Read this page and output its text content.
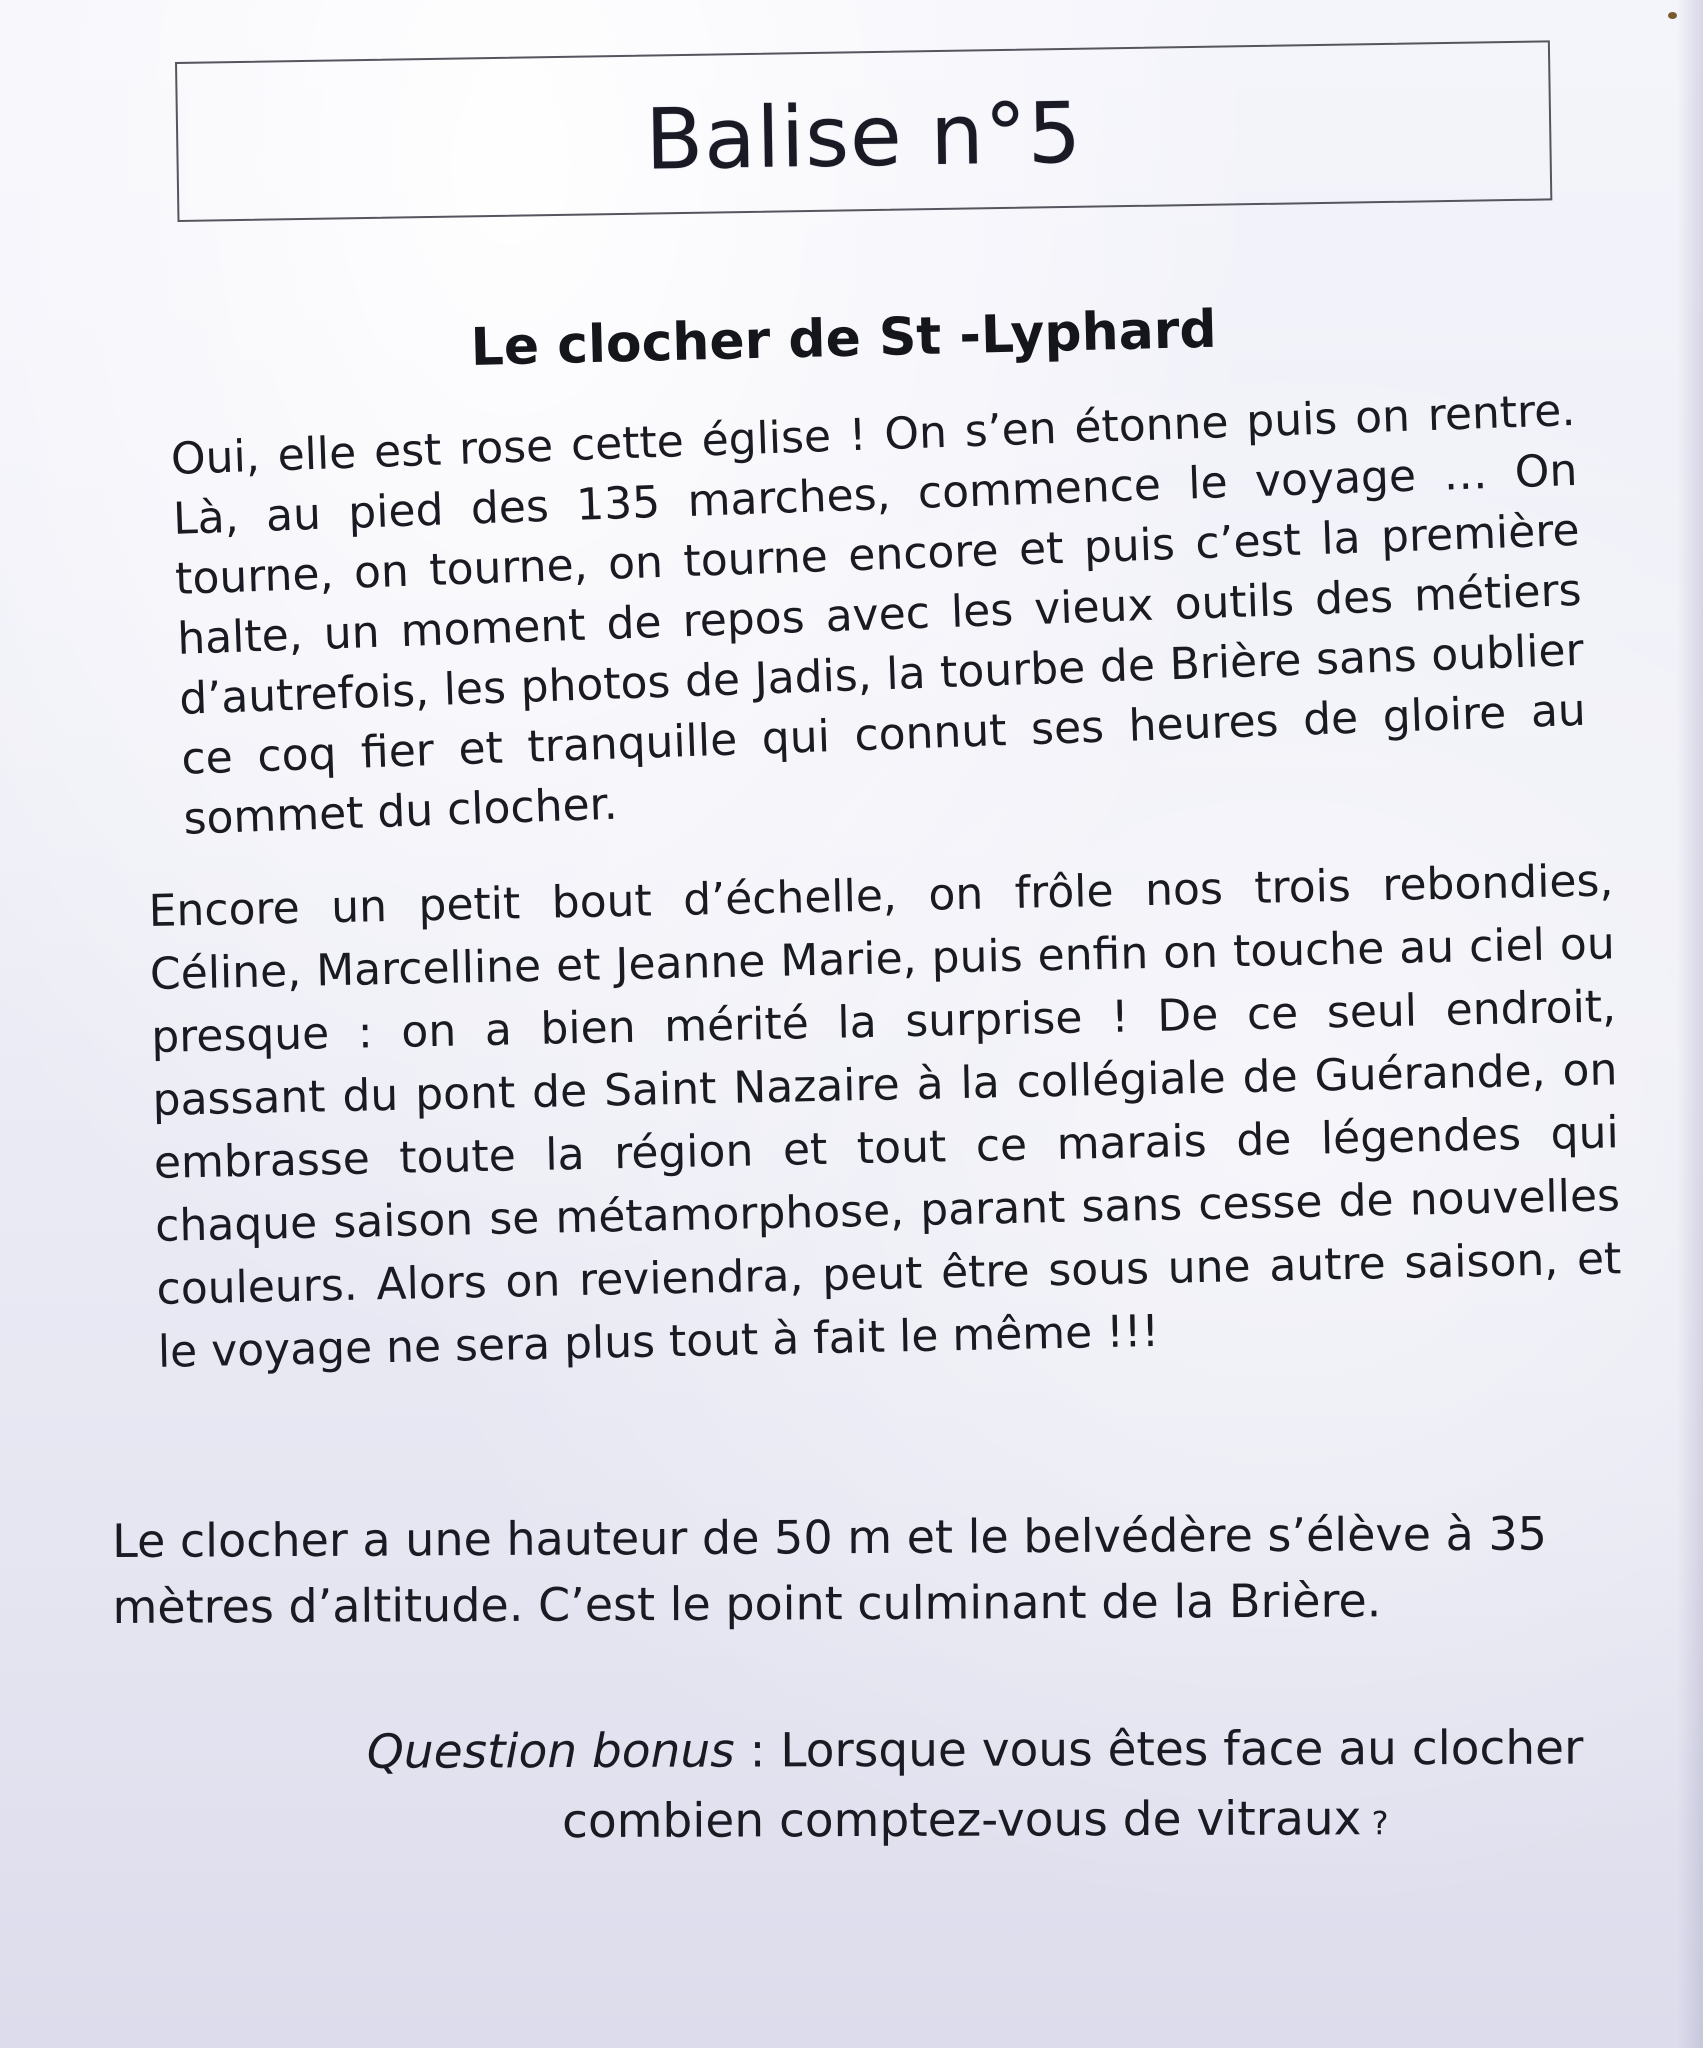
Balise n°5
Le clocher de St -Lyphard
Oui, elle est rose cette église ! On s’en étonne puis on rentre. Là, au pied des 135 marches, commence le voyage … On tourne, on tourne, on tourne encore et puis c’est la première halte, un moment de repos avec les vieux outils des métiers d’autrefois, les photos de Jadis, la tourbe de Brière sans oublier ce coq fier et tranquille qui connut ses heures de gloire au sommet du clocher.
Encore un petit bout d’échelle, on frôle nos trois rebondies, Céline, Marcelline et Jeanne Marie, puis enfin on touche au ciel ou presque : on a bien mérité la surprise ! De ce seul endroit, passant du pont de Saint Nazaire à la collégiale de Guérande, on embrasse toute la région et tout ce marais de légendes qui chaque saison se métamorphose, parant sans cesse de nouvelles couleurs. Alors on reviendra, peut être sous une autre saison, et le voyage ne sera plus tout à fait le même !!!
Le clocher a une hauteur de 50 m et le belvédère s’élève à 35 mètres d’altitude. C’est le point culminant de la Brière.
Question bonus : Lorsque vous êtes face au clocher combien comptez-vous de vitraux ?
